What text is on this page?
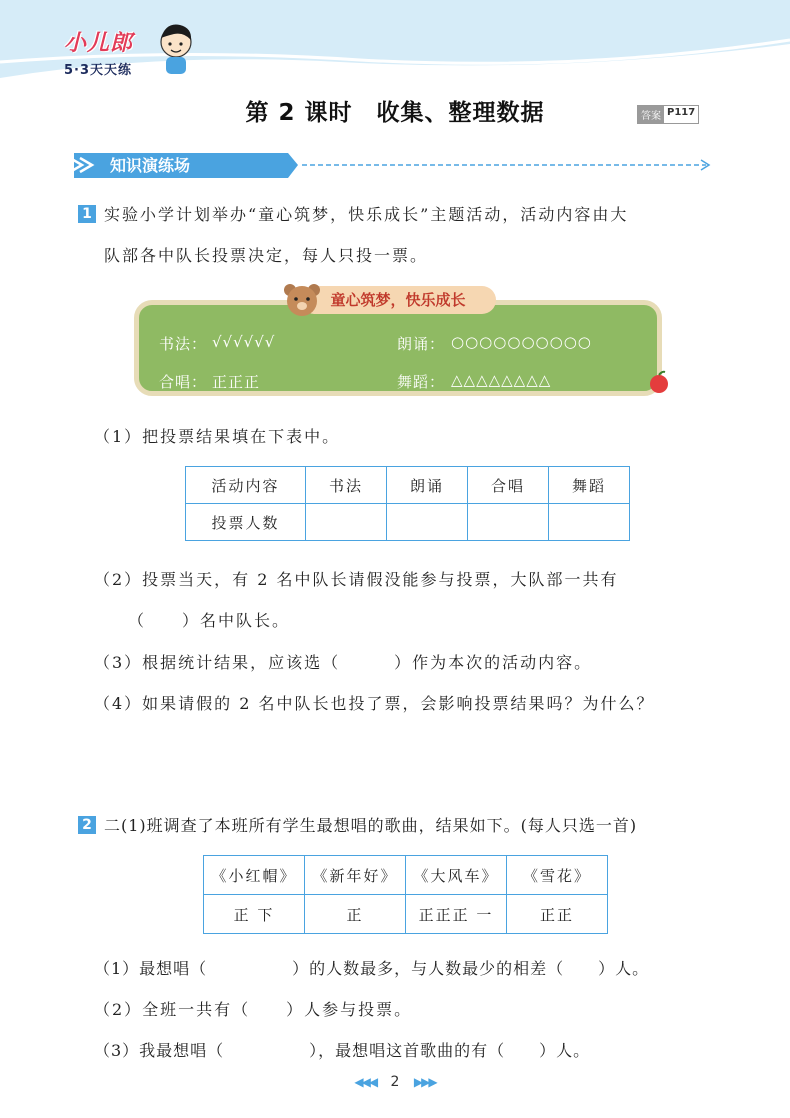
小儿郎
5·3天天练
第 2 课时　收集、整理数据	答案 P117
知识演练场
1 实验小学计划举办“童心筑梦，快乐成长”主题活动，活动内容由大
队部各中队长投票决定，每人只投一票。
书法： √√√√√√	朗诵： ○○○○○○○○○○
合唱： 正正正	舞蹈： △△△△△△△△
童心筑梦，快乐成长
（1）把投票结果填在下表中。
活动内容	书法	朗诵	合唱	舞蹈
投票人数				
（2）投票当天，有 2 名中队长请假没能参与投票，大队部一共有
（　　）名中队长。
（3）根据统计结果，应该选（　　　）作为本次的活动内容。
（4）如果请假的 2 名中队长也投了票，会影响投票结果吗？为什么？
2 二(1)班调查了本班所有学生最想唱的歌曲，结果如下。(每人只选一首)
《小红帽》	《新年好》	《大风车》	《雪花》
正 下	正	正正正 一	正正
（1）最想唱（　　　　　）的人数最多，与人数最少的相差（　　）人。
（2）全班一共有（　　）人参与投票。
（3）我最想唱（　　　　　），最想唱这首歌曲的有（　　）人。
◀◀◀ 2 ▶▶▶
